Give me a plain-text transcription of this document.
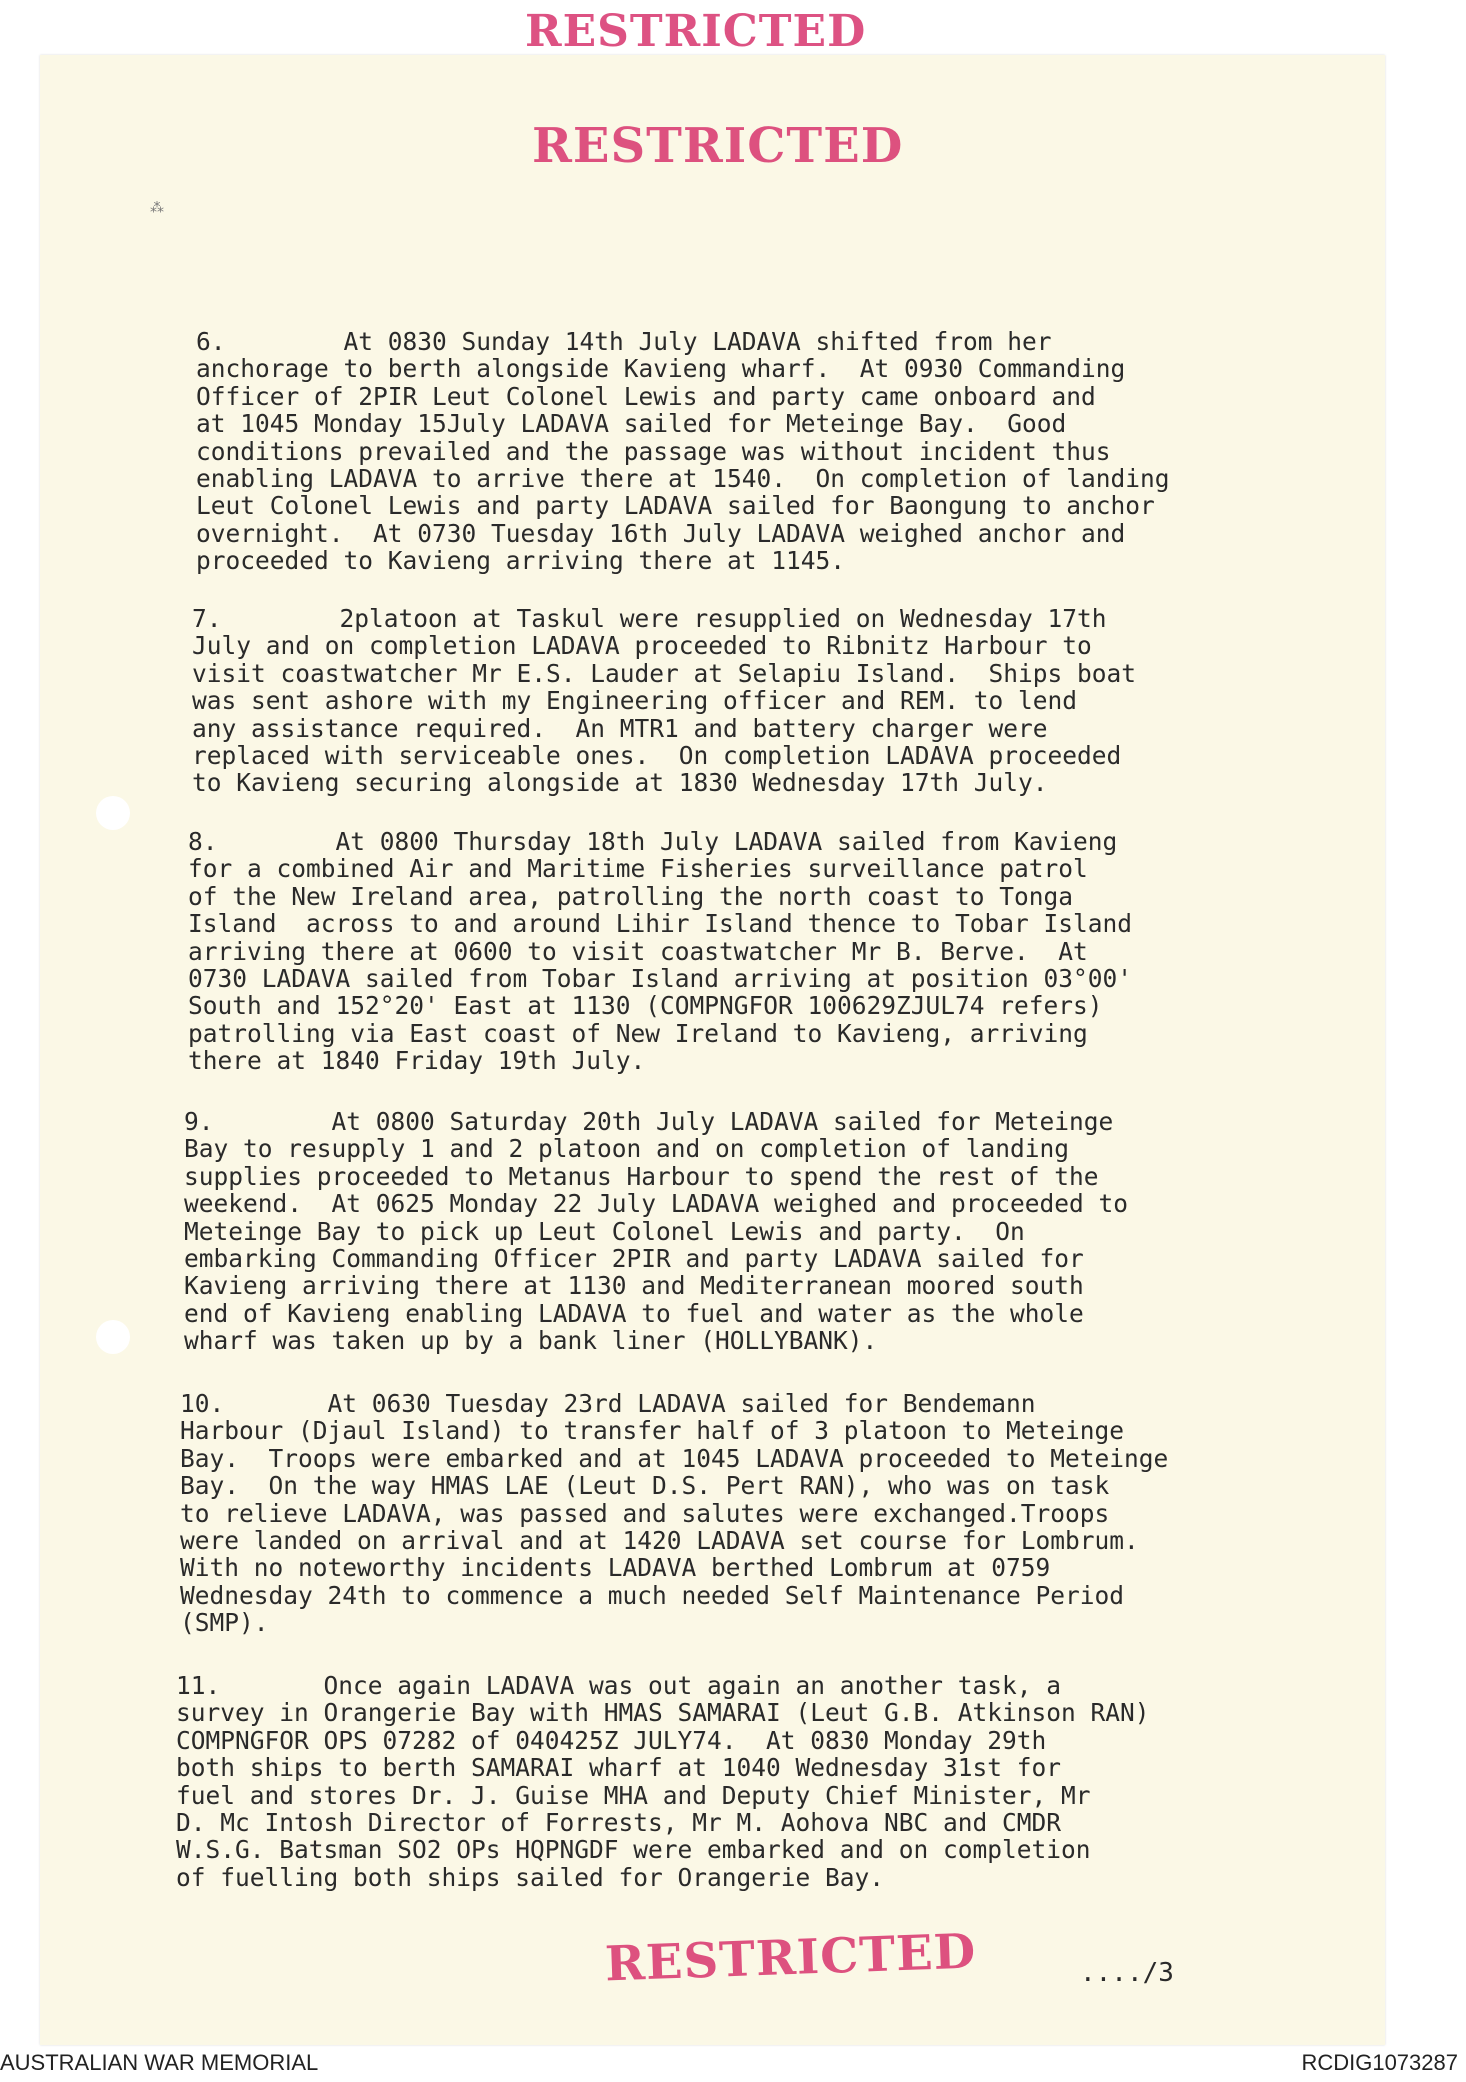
RESTRICTED
RESTRICTED
⁂

6.        At 0830 Sunday 14th July LADAVA shifted from her
anchorage to berth alongside Kavieng wharf.  At 0930 Commanding
Officer of 2PIR Leut Colonel Lewis and party came onboard and
at 1045 Monday 15July LADAVA sailed for Meteinge Bay.  Good
conditions prevailed and the passage was without incident thus
enabling LADAVA to arrive there at 1540.  On completion of landing
Leut Colonel Lewis and party LADAVA sailed for Baongung to anchor
overnight.  At 0730 Tuesday 16th July LADAVA weighed anchor and
proceeded to Kavieng arriving there at 1145.

7.        2platoon at Taskul were resupplied on Wednesday 17th
July and on completion LADAVA proceeded to Ribnitz Harbour to
visit coastwatcher Mr E.S. Lauder at Selapiu Island.  Ships boat
was sent ashore with my Engineering officer and REM. to lend
any assistance required.  An MTR1 and battery charger were
replaced with serviceable ones.  On completion LADAVA proceeded
to Kavieng securing alongside at 1830 Wednesday 17th July.

8.        At 0800 Thursday 18th July LADAVA sailed from Kavieng
for a combined Air and Maritime Fisheries surveillance patrol
of the New Ireland area, patrolling the north coast to Tonga
Island  across to and around Lihir Island thence to Tobar Island
arriving there at 0600 to visit coastwatcher Mr B. Berve.  At
0730 LADAVA sailed from Tobar Island arriving at position 03°00'
South and 152°20' East at 1130 (COMPNGFOR 100629ZJUL74 refers)
patrolling via East coast of New Ireland to Kavieng, arriving
there at 1840 Friday 19th July.

9.        At 0800 Saturday 20th July LADAVA sailed for Meteinge
Bay to resupply 1 and 2 platoon and on completion of landing
supplies proceeded to Metanus Harbour to spend the rest of the
weekend.  At 0625 Monday 22 July LADAVA weighed and proceeded to
Meteinge Bay to pick up Leut Colonel Lewis and party.  On
embarking Commanding Officer 2PIR and party LADAVA sailed for
Kavieng arriving there at 1130 and Mediterranean moored south
end of Kavieng enabling LADAVA to fuel and water as the whole
wharf was taken up by a bank liner (HOLLYBANK).

10.       At 0630 Tuesday 23rd LADAVA sailed for Bendemann
Harbour (Djaul Island) to transfer half of 3 platoon to Meteinge
Bay.  Troops were embarked and at 1045 LADAVA proceeded to Meteinge
Bay.  On the way HMAS LAE (Leut D.S. Pert RAN), who was on task
to relieve LADAVA, was passed and salutes were exchanged.Troops
were landed on arrival and at 1420 LADAVA set course for Lombrum.
With no noteworthy incidents LADAVA berthed Lombrum at 0759
Wednesday 24th to commence a much needed Self Maintenance Period
(SMP).

11.       Once again LADAVA was out again an another task, a
survey in Orangerie Bay with HMAS SAMARAI (Leut G.B. Atkinson RAN)
COMPNGFOR OPS 07282 of 040425Z JULY74.  At 0830 Monday 29th
both ships to berth SAMARAI wharf at 1040 Wednesday 31st for
fuel and stores Dr. J. Guise MHA and Deputy Chief Minister, Mr
D. Mc Intosh Director of Forrests, Mr M. Aohova NBC and CMDR
W.S.G. Batsman SO2 OPs HQPNGDF were embarked and on completion
of fuelling both ships sailed for Orangerie Bay.

RESTRICTED	..../3
AUSTRALIAN WAR MEMORIAL	RCDIG1073287
